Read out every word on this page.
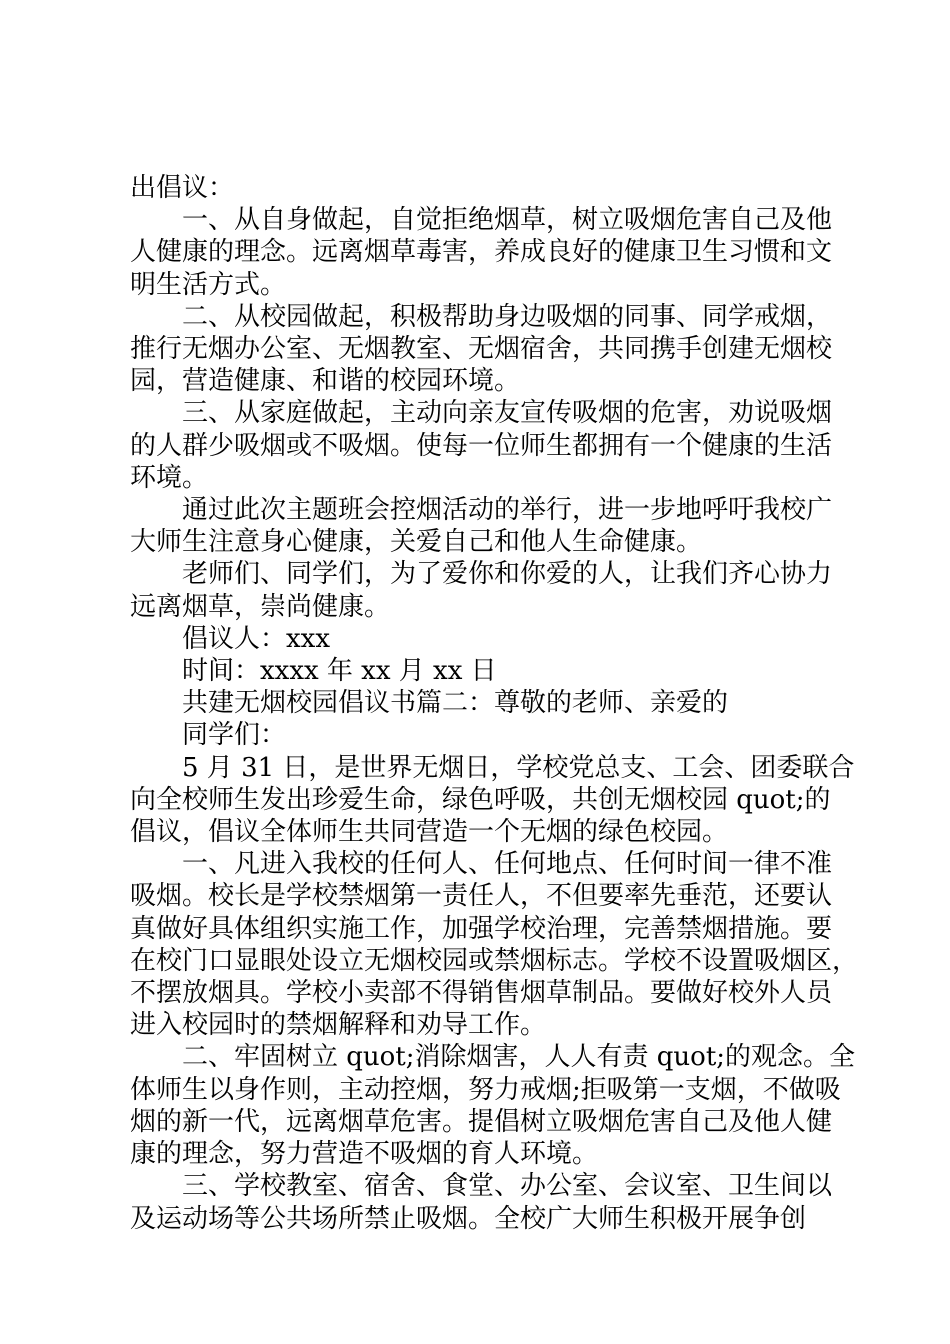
出倡议：

一、从自身做起，自觉拒绝烟草，树立吸烟危害自己及他

人健康的理念。远离烟草毒害，养成良好的健康卫生习惯和文

明生活方式。

二、从校园做起，积极帮助身边吸烟的同事、同学戒烟，

推行无烟办公室、无烟教室、无烟宿舍，共同携手创建无烟校

园，营造健康、和谐的校园环境。

三、从家庭做起，主动向亲友宣传吸烟的危害，劝说吸烟

的人群少吸烟或不吸烟。使每一位师生都拥有一个健康的生活

环境。

通过此次主题班会控烟活动的举行，进一步地呼吁我校广

大师生注意身心健康，关爱自己和他人生命健康。

老师们、同学们，为了爱你和你爱的人，让我们齐心协力

远离烟草，崇尚健康。

倡议人：xxx

时间：xxxx 年 xx 月 xx 日

共建无烟校园倡议书篇二：尊敬的老师、亲爱的

同学们：

5 月 31 日，是世界无烟日，学校党总支、工会、团委联合

向全校师生发出珍爱生命，绿色呼吸，共创无烟校园 quot;的

倡议，倡议全体师生共同营造一个无烟的绿色校园。

一、凡进入我校的任何人、任何地点、任何时间一律不准

吸烟。校长是学校禁烟第一责任人，不但要率先垂范，还要认

真做好具体组织实施工作，加强学校治理，完善禁烟措施。要

在校门口显眼处设立无烟校园或禁烟标志。学校不设置吸烟区，

不摆放烟具。学校小卖部不得销售烟草制品。要做好校外人员

进入校园时的禁烟解释和劝导工作。

二、牢固树立 quot;消除烟害，人人有责 quot;的观念。全

体师生以身作则，主动控烟，努力戒烟;拒吸第一支烟，不做吸

烟的新一代，远离烟草危害。提倡树立吸烟危害自己及他人健

康的理念，努力营造不吸烟的育人环境。

三、学校教室、宿舍、食堂、办公室、会议室、卫生间以

及运动场等公共场所禁止吸烟。全校广大师生积极开展争创
